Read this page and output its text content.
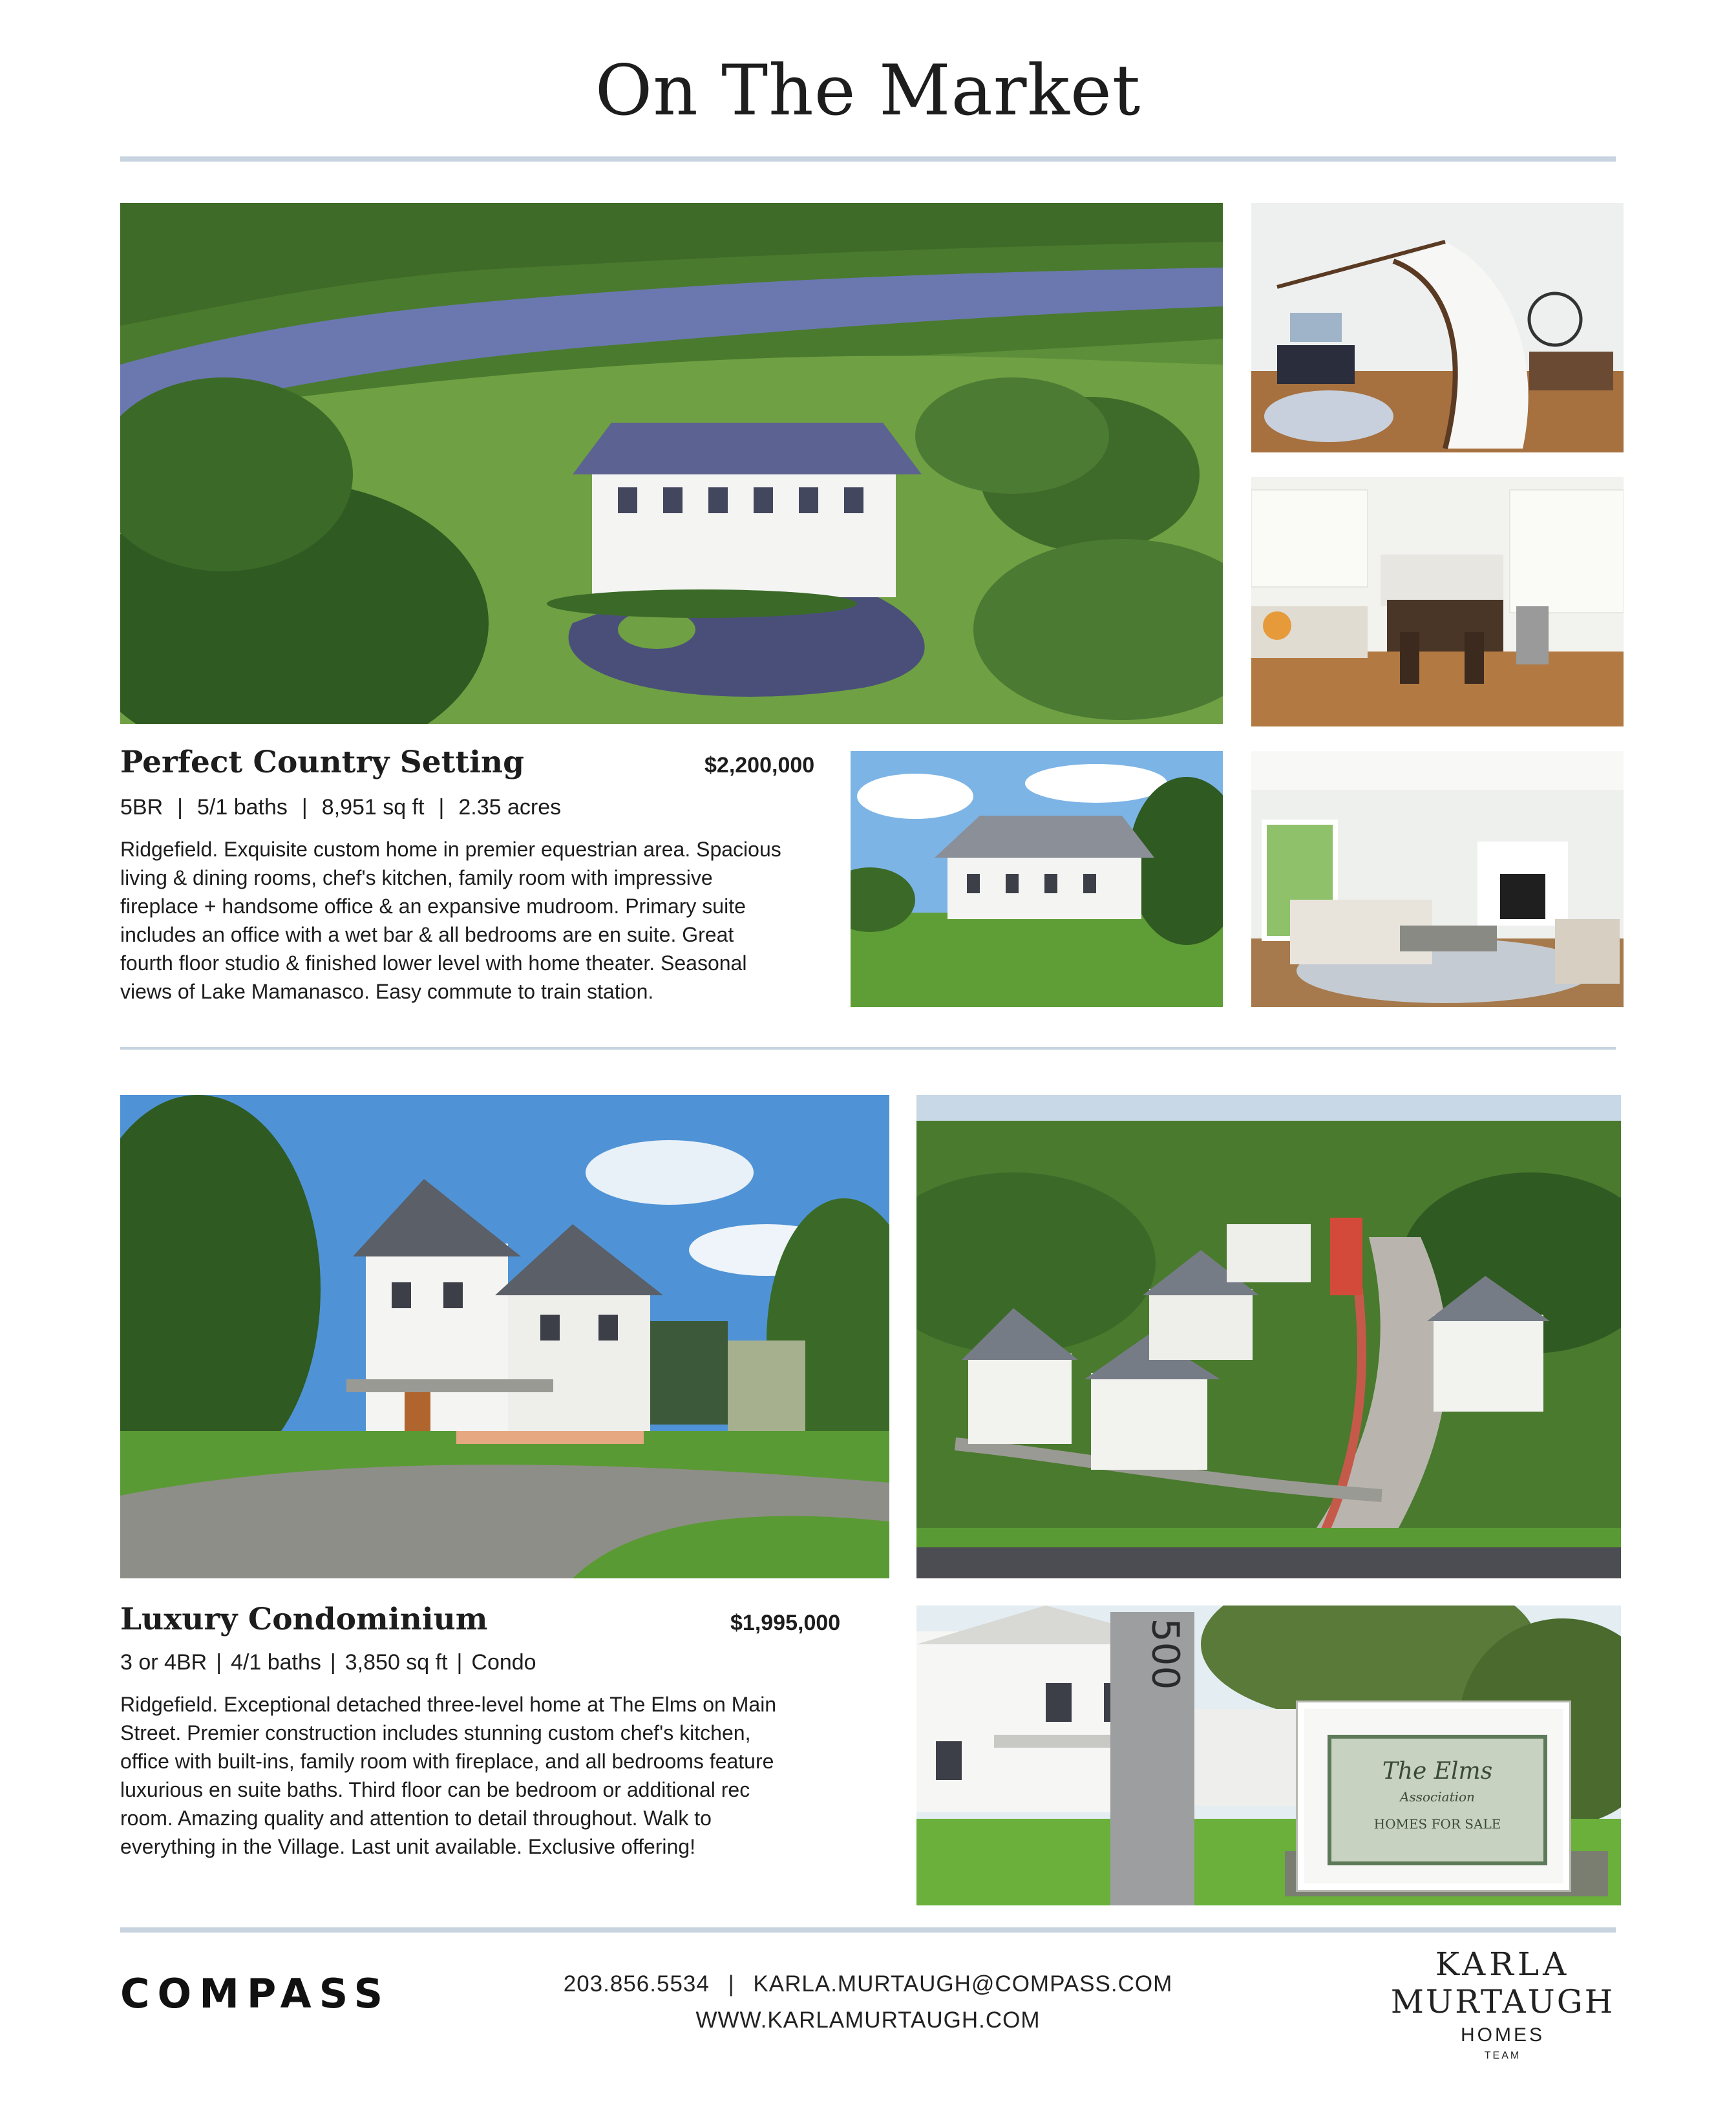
On The Market
Perfect Country Setting	$2,200,000
5BR | 5/1 baths | 8,951 sq ft | 2.35 acres
Ridgefield. Exquisite custom home in premier equestrian area. Spacious
living & dining rooms, chef's kitchen, family room with impressive
fireplace + handsome office & an expansive mudroom. Primary suite
includes an office with a wet bar & all bedrooms are en suite. Great
fourth floor studio & finished lower level with home theater. Seasonal
views of Lake Mamanasco. Easy commute to train station.
500
The Elms
Association
HOMES FOR SALE
Luxury Condominium	$1,995,000
3 or 4BR | 4/1 baths | 3,850 sq ft | Condo
Ridgefield. Exceptional detached three-level home at The Elms on Main
Street. Premier construction includes stunning custom chef's kitchen,
office with built-ins, family room with fireplace, and all bedrooms feature
luxurious en suite baths. Third floor can be bedroom or additional rec
room. Amazing quality and attention to detail throughout. Walk to
everything in the Village. Last unit available. Exclusive offering!
COMPASS	203.856.5534 | KARLA.MURTAUGH@COMPASS.COM
WWW.KARLAMURTAUGH.COM
KARLA
MURTAUGH
HOMES
TEAM
